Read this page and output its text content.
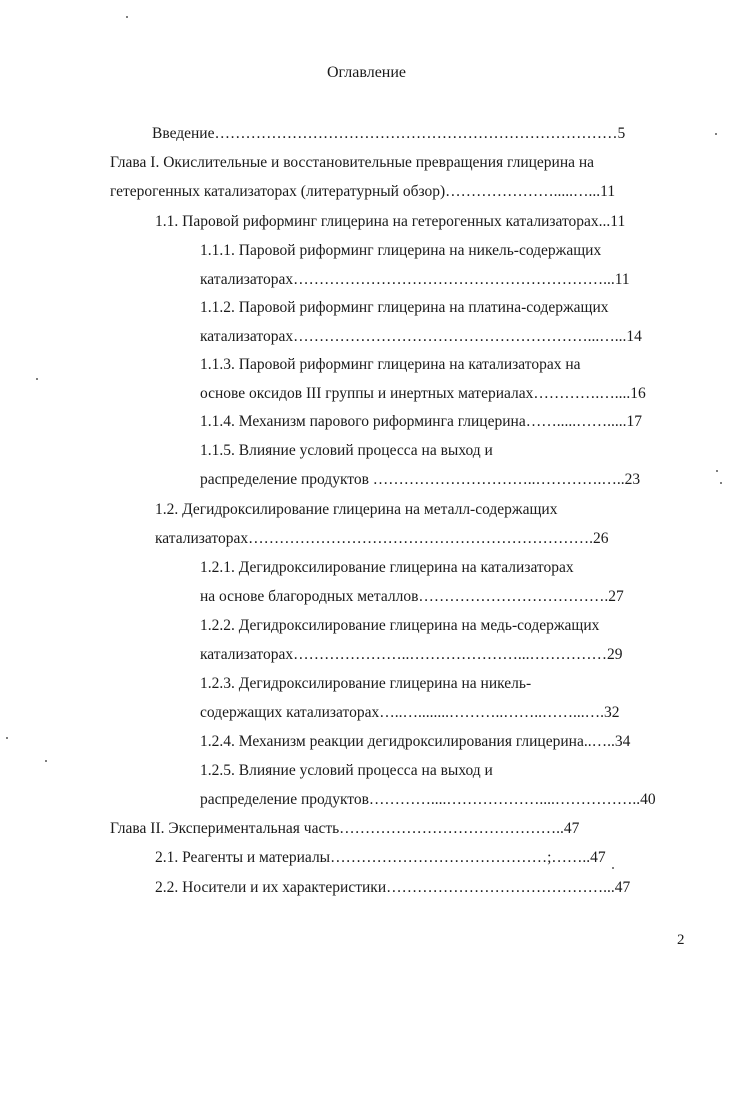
Оглавление
Введение……………………………………………………………………5
Глава I. Окислительные и восстановительные превращения глицерина на
гетерогенных катализаторах (литературный обзор)………………….....…...11
1.1. Паровой риформинг глицерина на гетерогенных катализаторах...11
1.1.1. Паровой риформинг глицерина на никель-содержащих
катализаторах……………………………………………………...11
1.1.2. Паровой риформинг глицерина на платина-содержащих
катализаторах…………………………………………………...…...14
1.1.3. Паровой риформинг глицерина на катализаторах на
основе оксидов III группы и инертных материалах………….…....16
1.1.4. Механизм парового риформинга глицерина…….....…….....17
1.1.5. Влияние условий процесса на выход и
распределение продуктов …………………………..………….…..23
1.2. Дегидроксилирование глицерина на металл-содержащих
катализаторах………………………………………………………….26
1.2.1. Дегидроксилирование глицерина на катализаторах
на основе благородных металлов……………………………….27
1.2.2. Дегидроксилирование глицерина на медь-содержащих
катализаторах…………………..…………………...……………29
1.2.3. Дегидроксилирование глицерина на никель-
содержащих катализаторах…..…........………..……..……...….32
1.2.4. Механизм реакции дегидроксилирования глицерина..…..34
1.2.5. Влияние условий процесса на выход и
распределение продуктов…………....………………....……………..40
Глава II. Экспериментальная часть……………………………………..47
2.1. Реагенты и материалы……………………………………;……..47
2.2. Носители и их характеристики……………………………………...47
2
